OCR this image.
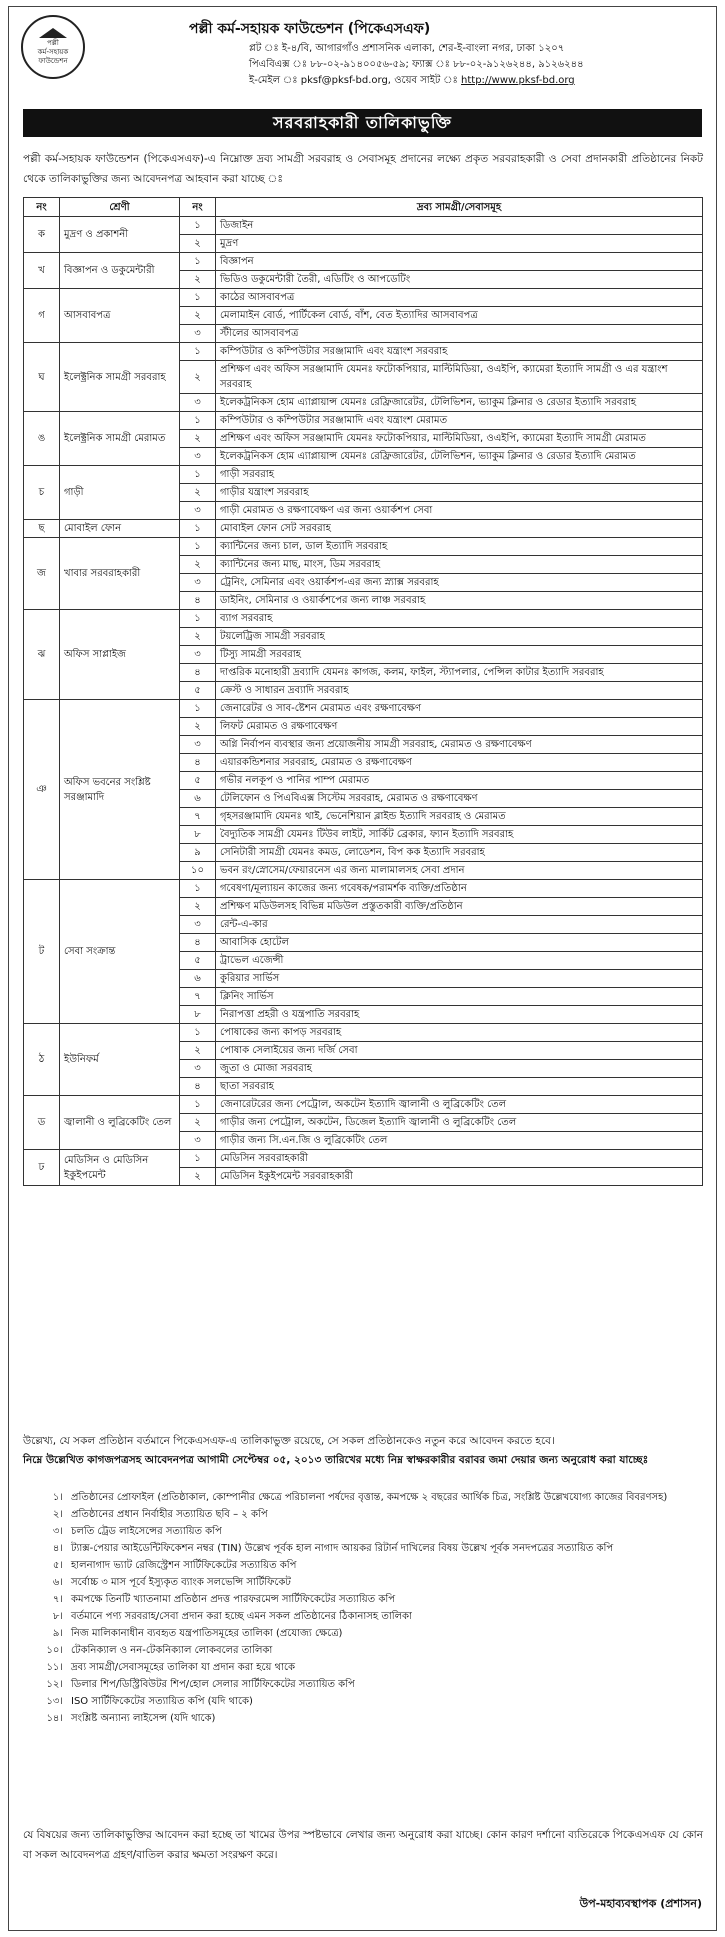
পল্লী
কর্ম-সহায়ক
ফাউন্ডেশন
পল্লী কর্ম-সহায়ক ফাউন্ডেশন (পিকেএসএফ)
প্লট ঃ ই-৪/বি, আগারগাঁও প্রশাসনিক এলাকা, শের-ই-বাংলা নগর, ঢাকা ১২০৭
পিএবিএক্স ঃ ৮৮-০২-৯১৪০০৫৬-৫৯; ফ্যাক্স ঃ ৮৮-০২-৯১২৬২৪৪, ৯১২৬২৪৪
ই-মেইল ঃ pksf@pksf-bd.org, ওয়েব সাইট ঃ http://www.pksf-bd.org
সরবরাহকারী তালিকাভুক্তি
পল্লী কর্ম-সহায়ক ফাউন্ডেশন (পিকেএসএফ)-এ নিম্নোক্ত দ্রব্য সামগ্রী সরবরাহ ও সেবাসমূহ প্রদানের লক্ষ্যে প্রকৃত সরবরাহকারী ও সেবা প্রদানকারী প্রতিষ্ঠানের নিকট থেকে তালিকাভুক্তির জন্য আবেদনপত্র আহবান করা যাচ্ছে ঃ
নং	শ্রেণী	নং	দ্রব্য সামগ্রী/সেবাসমূহ
ক	মুদ্রণ ও প্রকাশনী	১	ডিজাইন
		২	মুদ্রণ
খ	বিজ্ঞাপন ও ডকুমেন্টারী	১	বিজ্ঞাপন
		২	ভিডিও ডকুমেন্টারী তৈরী, এডিটিং ও আপডেটিং
গ	আসবাবপত্র	১	কাঠের আসবাবপত্র
		২	মেলামাইন বোর্ড, পার্টিকেল বোর্ড, বাঁশ, বেত ইত্যাদির আসবাবপত্র
		৩	স্টীলের আসবাবপত্র
ঘ	ইলেক্ট্রনিক সামগ্রী সরবরাহ	১	কম্পিউটার ও কম্পিউটার সরঞ্জামাদি এবং যন্ত্রাংশ সরবরাহ
		২	প্রশিক্ষণ এবং অফিস সরঞ্জামাদি যেমনঃ ফটোকপিয়ার, মাল্টিমিডিয়া, ওএইপি, ক্যামেরা ইত্যাদি সামগ্রী ও এর যন্ত্রাংশ সরবরাহ
		৩	ইলেকট্রনিকস হোম এ্যাপ্লায়ান্স যেমনঃ রেফ্রিজারেটর, টেলিভিশন, ভ্যাকুম ক্লিনার ও রেডার ইত্যাদি সরবরাহ
ঙ	ইলেক্ট্রনিক সামগ্রী মেরামত	১	কম্পিউটার ও কম্পিউটার সরঞ্জামাদি এবং যন্ত্রাংশ মেরামত
		২	প্রশিক্ষণ এবং অফিস সরঞ্জামাদি যেমনঃ ফটোকপিয়ার, মাল্টিমিডিয়া, ওএইপি, ক্যামেরা ইত্যাদি সামগ্রী মেরামত
		৩	ইলেকট্রনিকস হোম এ্যাপ্লায়ান্স যেমনঃ রেফ্রিজারেটর, টেলিভিশন, ভ্যাকুম ক্লিনার ও রেডার ইত্যাদি মেরামত
চ	গাড়ী	১	গাড়ী সরবরাহ
		২	গাড়ীর যন্ত্রাংশ সরবরাহ
		৩	গাড়ী মেরামত ও রক্ষণাবেক্ষণ এর জন্য ওয়ার্কশপ সেবা
ছ	মোবাইল ফোন	১	মোবাইল ফোন সেট সরবরাহ
জ	খাবার সরবরাহকারী	১	ক্যান্টিনের জন্য চাল, ডাল ইত্যাদি সরবরাহ
		২	ক্যান্টিনের জন্য মাছ, মাংস, ডিম সরবরাহ
		৩	ট্রেনিং, সেমিনার এবং ওয়ার্কশপ-এর জন্য স্ন্যাক্স সরবরাহ
		৪	ডাইনিং, সেমিনার ও ওয়ার্কশপের জন্য লাঞ্চ সরবরাহ
ঝ	অফিস সাপ্লাইজ	১	ব্যাগ সরবরাহ
		২	টয়লেট্রিজ সামগ্রী সরবরাহ
		৩	টিস্যু সামগ্রী সরবরাহ
		৪	দাপ্তরিক মনোহারী দ্রব্যাদি যেমনঃ কাগজ, কলম, ফাইল, স্ট্যাপলার, পেন্সিল কাটার ইত্যাদি সরবরাহ
		৫	ক্রেস্ট ও সাধারন দ্রব্যাদি সরবরাহ
ঞ	অফিস ভবনের সংশ্লিষ্ট সরঞ্জামাদি	১	জেনারেটর ও সাব-ষ্টেশন মেরামত এবং রক্ষণাবেক্ষণ
		২	লিফট মেরামত ও রক্ষণাবেক্ষণ
		৩	অগ্নি নির্বাপন ব্যবস্থার জন্য প্রয়োজনীয় সামগ্রী সরবরাহ, মেরামত ও রক্ষণাবেক্ষণ
		৪	এয়ারকন্ডিশনার সরবরাহ, মেরামত ও রক্ষণাবেক্ষণ
		৫	গভীর নলকূপ ও পানির পাম্প মেরামত
		৬	টেলিফোন ও পিএবিএক্স সিস্টেম সরবরাহ, মেরামত ও রক্ষণাবেক্ষণ
		৭	গৃহসরঞ্জামাদি যেমনঃ থাই, ভেনেশিয়ান ব্লাইন্ড ইত্যাদি সরবরাহ ও মেরামত
		৮	বৈদ্যুতিক সামগ্রী যেমনঃ টিউব লাইট, সার্কিট ব্রেকার, ফ্যান ইত্যাদি সরবরাহ
		৯	সেনিটারী সামগ্রী যেমনঃ কমড, লোডেশন, বিপ কক ইত্যাদি সরবরাহ
		১০	ভবন রং/স্নোসেম/ফেয়ারনেস এর জন্য মালামালসহ সেবা প্রদান
ট	সেবা সংক্রান্ত	১	গবেষণা/মূল্যায়ন কাজের জন্য গবেষক/পরামর্শক ব্যক্তি/প্রতিষ্ঠান
		২	প্রশিক্ষণ মডিউলসহ বিভিন্ন মডিউল প্রস্তুতকারী ব্যক্তি/প্রতিষ্ঠান
		৩	রেন্ট-এ-কার
		৪	আবাসিক হোটেল
		৫	ট্রাভেল এজেন্সী
		৬	কুরিয়ার সার্ভিস
		৭	ক্লিনিং সার্ভিস
		৮	নিরাপত্তা প্রহরী ও যন্ত্রপাতি সরবরাহ
ঠ	ইউনিফর্ম	১	পোষাকের জন্য কাপড় সরবরাহ
		২	পোষাক সেলাইয়ের জন্য দর্জি সেবা
		৩	জুতা ও মোজা সরবরাহ
		৪	ছাতা সরবরাহ
ড	জ্বালানী ও লুব্রিকেটিং তেল	১	জেনারেটরের জন্য পেট্রোল, অকটেন ইত্যাদি জ্বালানী ও লুব্রিকেটিং তেল
		২	গাড়ীর জন্য পেট্রোল, অকটেন, ডিজেল ইত্যাদি জ্বালানী ও লুব্রিকেটিং তেল
		৩	গাড়ীর জন্য সি.এন.জি ও লুব্রিকেটিং তেল
ঢ	মেডিসিন ও মেডিসিন ইকুইপমেন্ট	১	মেডিসিন সরবরাহকারী
		২	মেডিসিন ইকুইপমেন্ট সরবরাহকারী
উল্লেখ্য, যে সকল প্রতিষ্ঠান বর্তমানে পিকেএসএফ-এ তালিকাভুক্ত রয়েছে, সে সকল প্রতিষ্ঠানকেও নতুন করে আবেদন করতে হবে।
নিম্নে উল্লেখিত কাগজপত্রসহ আবেদনপত্র আগামী সেপ্টেম্বর ০৫, ২০১৩ তারিখের মধ্যে নিম্ন স্বাক্ষরকারীর বরাবর জমা দেয়ার জন্য অনুরোধ করা যাচ্ছেঃ
১। প্রতিষ্ঠানের প্রোফাইল (প্রতিষ্ঠাকাল, কোম্পানীর ক্ষেত্রে পরিচালনা পর্ষদের বৃত্তান্ত, কমপক্ষে ২ বছরের আর্থিক চিত্র, সংশ্লিষ্ট উল্লেখযোগ্য কাজের বিবরণসহ)
২। প্রতিষ্ঠানের প্রধান নির্বাহীর সত্যায়িত ছবি – ২ কপি
৩। চলতি ট্রেড লাইসেন্সের সত্যায়িত কপি
৪। ট্যাক্স-পেয়ার আইডেন্টিফিকেশন নম্বর (TIN) উল্লেখ পূর্বক হাল নাগাদ আয়কর রিটার্ন দাখিলের বিষয় উল্লেখ পূর্বক সনদপত্রের সত্যায়িত কপি
৫। হালনাগাদ ভ্যাট রেজিস্ট্রেশন সার্টিফিকেটের সত্যায়িত কপি
৬। সর্বোচ্চ ৩ মাস পূর্বে ইস্যুকৃত ব্যাংক সলভেন্সি সার্টিফিকেট
৭। কমপক্ষে তিনটি খ্যাতনামা প্রতিষ্ঠান প্রদত্ত পারফরমেন্স সার্টিফিকেটের সত্যায়িত কপি
৮। বর্তমানে পণ্য সরবরাহ/সেবা প্রদান করা হচ্ছে এমন সকল প্রতিষ্ঠানের ঠিকানাসহ তালিকা
৯। নিজ মালিকানাধীন ব্যবহৃত যন্ত্রপাতিসমূহের তালিকা (প্রযোজ্য ক্ষেত্রে)
১০। টেকনিক্যাল ও নন-টেকনিক্যাল লোকবলের তালিকা
১১। দ্রব্য সামগ্রী/সেবাসমূহের তালিকা যা প্রদান করা হয়ে থাকে
১২। ডিলার শিপ/ডিস্ট্রিবিউটর শিপ/হোল সেলার সার্টিফিকেটের সত্যায়িত কপি
১৩। ISO সার্টিফিকেটের সত্যায়িত কপি (যদি থাকে)
১৪। সংশ্লিষ্ট অন্যান্য লাইসেন্স (যদি থাকে)
যে বিষয়ের জন্য তালিকাভুক্তির আবেদন করা হচ্ছে তা খামের উপর স্পষ্টভাবে লেখার জন্য অনুরোধ করা যাচ্ছে। কোন কারণ দর্শানো ব্যতিরেকে পিকেএসএফ যে কোন বা সকল আবেদনপত্র গ্রহণ/বাতিল করার ক্ষমতা সংরক্ষণ করে।
উপ-মহাব্যবস্থাপক (প্রশাসন)
